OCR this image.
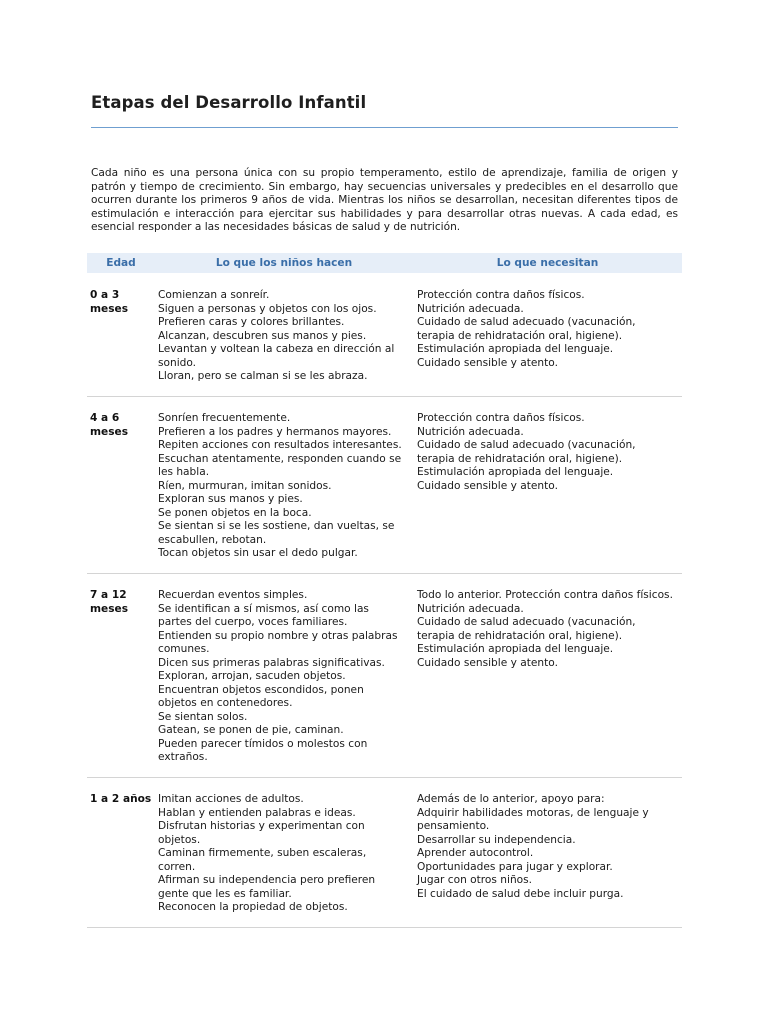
Etapas del Desarrollo Infantil
Cada niño es una persona única con su propio temperamento, estilo de aprendizaje, familia de origen y patrón y tiempo de crecimiento. Sin embargo, hay secuencias universales y predecibles en el desarrollo que ocurren durante los primeros 9 años de vida. Mientras los niños se desarrollan, necesitan diferentes tipos de estimulación e interacción para ejercitar sus habilidades y para desarrollar otras nuevas. A cada edad, es esencial responder a las necesidades básicas de salud y de nutrición.
Edad	Lo que los niños hacen	Lo que necesitan
0 a 3 meses
Comienzan a sonreír.
Siguen a personas y objetos con los ojos.
Prefieren caras y colores brillantes.
Alcanzan, descubren sus manos y pies.
Levantan y voltean la cabeza en dirección al sonido.
Lloran, pero se calman si se les abraza.
Protección contra daños físicos.
Nutrición adecuada.
Cuidado de salud adecuado (vacunación, terapia de rehidratación oral, higiene).
Estimulación apropiada del lenguaje.
Cuidado sensible y atento.
4 a 6 meses
Sonríen frecuentemente.
Prefieren a los padres y hermanos mayores.
Repiten acciones con resultados interesantes.
Escuchan atentamente, responden cuando se les habla.
Ríen, murmuran, imitan sonidos.
Exploran sus manos y pies.
Se ponen objetos en la boca.
Se sientan si se les sostiene, dan vueltas, se escabullen, rebotan.
Tocan objetos sin usar el dedo pulgar.
Protección contra daños físicos.
Nutrición adecuada.
Cuidado de salud adecuado (vacunación, terapia de rehidratación oral, higiene).
Estimulación apropiada del lenguaje.
Cuidado sensible y atento.
7 a 12 meses
Recuerdan eventos simples.
Se identifican a sí mismos, así como las partes del cuerpo, voces familiares.
Entienden su propio nombre y otras palabras comunes.
Dicen sus primeras palabras significativas.
Exploran, arrojan, sacuden objetos.
Encuentran objetos escondidos, ponen objetos en contenedores.
Se sientan solos.
Gatean, se ponen de pie, caminan.
Pueden parecer tímidos o molestos con extraños.
Todo lo anterior. Protección contra daños físicos.
Nutrición adecuada.
Cuidado de salud adecuado (vacunación, terapia de rehidratación oral, higiene).
Estimulación apropiada del lenguaje.
Cuidado sensible y atento.
1 a 2 años Imitan acciones de adultos.
Hablan y entienden palabras e ideas.
Disfrutan historias y experimentan con objetos.
Caminan firmemente, suben escaleras, corren.
Afirman su independencia pero prefieren gente que les es familiar.
Reconocen la propiedad de objetos.
Además de lo anterior, apoyo para:
Adquirir habilidades motoras, de lenguaje y pensamiento.
Desarrollar su independencia.
Aprender autocontrol.
Oportunidades para jugar y explorar.
Jugar con otros niños.
El cuidado de salud debe incluir purga.
